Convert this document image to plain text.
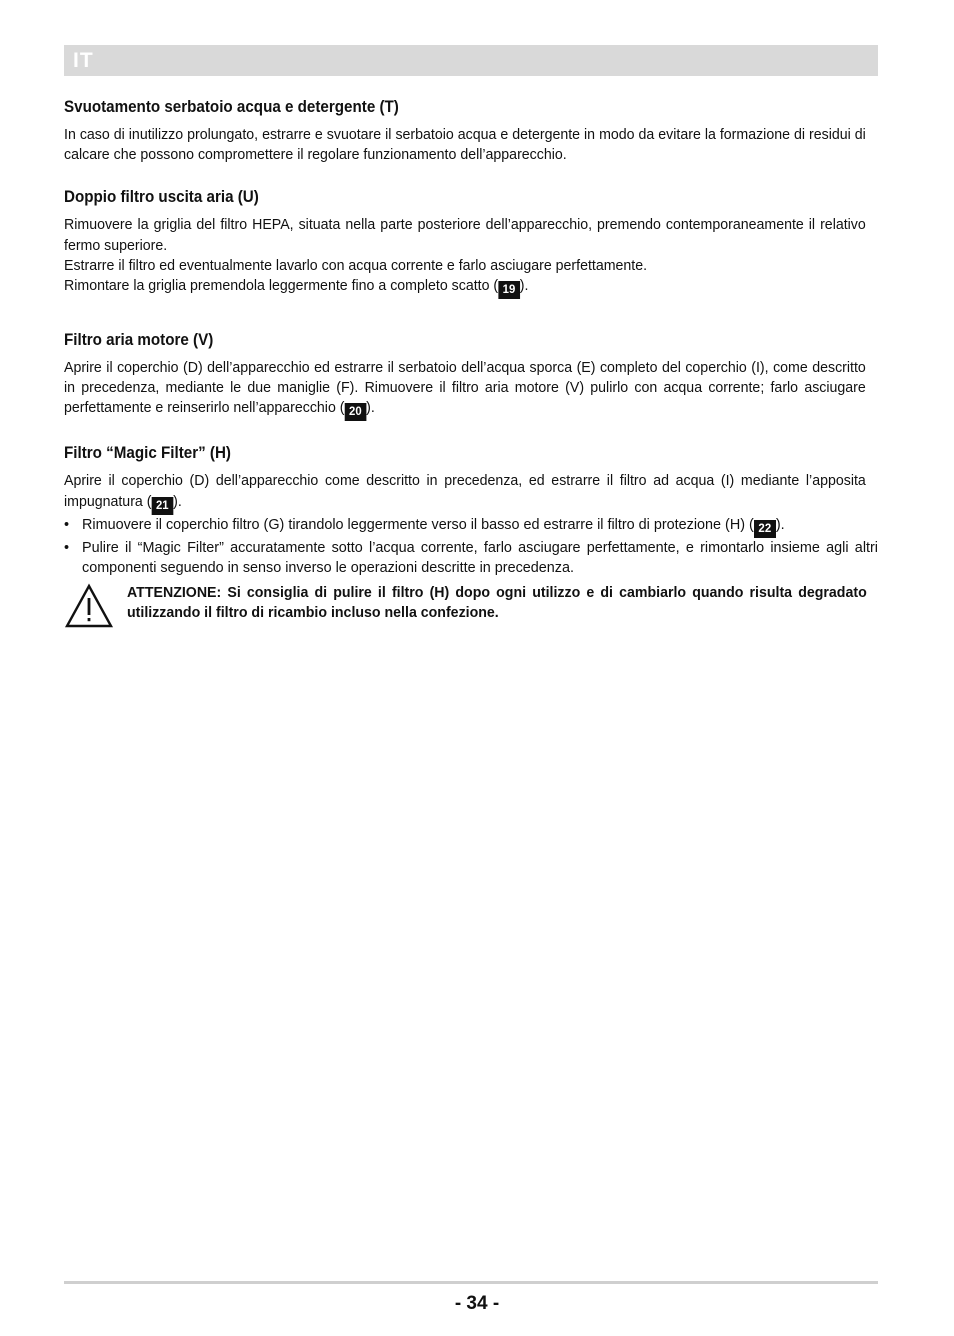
IT
Svuotamento serbatoio acqua e detergente (T)

In caso di inutilizzo prolungato, estrarre e svuotare il serbatoio acqua e detergente in modo da evitare la formazione di residui di calcare che possono compromettere il regolare funzionamento dell’apparecchio.

Doppio filtro uscita aria (U)

Rimuovere la griglia del filtro HEPA, situata nella parte posteriore dell’apparecchio, premendo contemporaneamente il relativo fermo superiore.

Estrarre il filtro ed eventualmente lavarlo con acqua corrente e farlo asciugare perfettamente.

Rimontare la griglia premendola leggermente fino a completo scatto ( 19 ).

Filtro aria motore (V)

Aprire il coperchio (D) dell’apparecchio ed estrarre il serbatoio dell’acqua sporca (E) completo del coperchio (I), come descritto in precedenza, mediante le due maniglie (F). Rimuovere il filtro aria motore (V) pulirlo con acqua corrente; farlo asciugare perfettamente e reinserirlo nell’apparecchio ( 20 ).

Filtro “Magic Filter” (H)

Aprire il coperchio (D) dell’apparecchio come descritto in precedenza, ed estrarre il filtro ad acqua (I) mediante l’apposita impugnatura ( 21 ).

• Rimuovere il coperchio filtro (G) tirandolo leggermente verso il basso ed estrarre il filtro di protezione (H) ( 22 ).
• Pulire il “Magic Filter” accuratamente sotto l’acqua corrente, farlo asciugare perfettamente, e rimontarlo insieme agli altri componenti seguendo in senso inverso le operazioni descritte in precedenza.

ATTENZIONE: Si consiglia di pulire il filtro (H) dopo ogni utilizzo e di cambiarlo quando risulta degradato utilizzando il filtro di ricambio incluso nella confezione.

- 34 -
